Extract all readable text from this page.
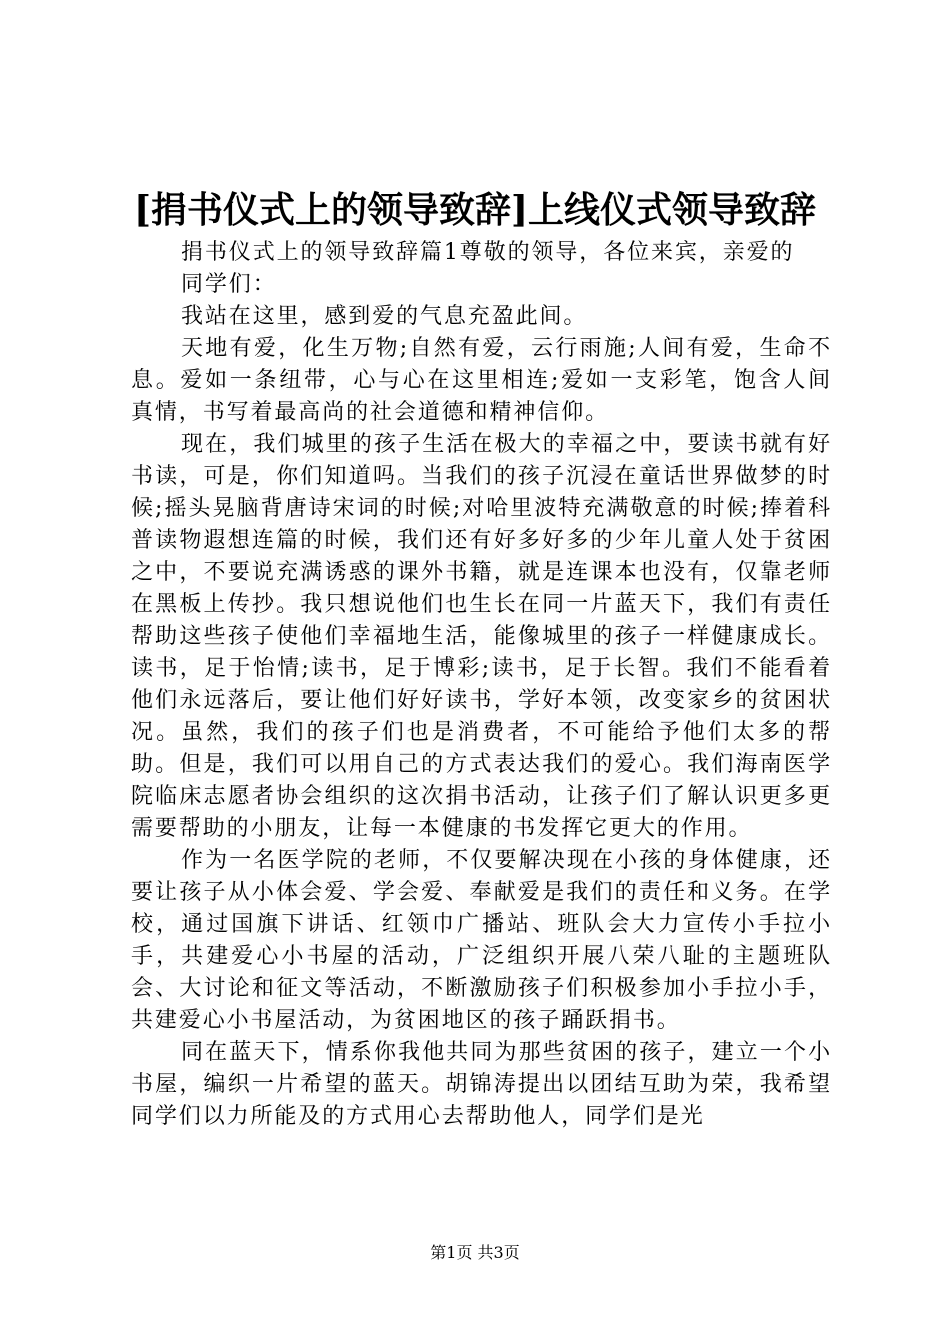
[捐书仪式上的领导致辞]上线仪式领导致辞

捐书仪式上的领导致辞篇1尊敬的领导，各位来宾，亲爱的

同学们：

我站在这里，感到爱的气息充盈此间。

天地有爱，化生万物;自然有爱，云行雨施;人间有爱，生命不息。爱如一条纽带，心与心在这里相连;爱如一支彩笔，饱含人间真情，书写着最高尚的社会道德和精神信仰。

现在，我们城里的孩子生活在极大的幸福之中，要读书就有好书读，可是，你们知道吗。当我们的孩子沉浸在童话世界做梦的时候;摇头晃脑背唐诗宋词的时候;对哈里波特充满敬意的时候;捧着科普读物遐想连篇的时候，我们还有好多好多的少年儿童人处于贫困之中，不要说充满诱惑的课外书籍，就是连课本也没有，仅靠老师在黑板上传抄。我只想说他们也生长在同一片蓝天下，我们有责任帮助这些孩子使他们幸福地生活，能像城里的孩子一样健康成长。读书，足于怡情;读书，足于博彩;读书，足于长智。我们不能看着他们永远落后，要让他们好好读书，学好本领，改变家乡的贫困状况。虽然，我们的孩子们也是消费者，不可能给予他们太多的帮助。但是，我们可以用自己的方式表达我们的爱心。我们海南医学院临床志愿者协会组织的这次捐书活动，让孩子们了解认识更多更需要帮助的小朋友，让每一本健康的书发挥它更大的作用。

作为一名医学院的老师，不仅要解决现在小孩的身体健康，还要让孩子从小体会爱、学会爱、奉献爱是我们的责任和义务。在学校，通过国旗下讲话、红领巾广播站、班队会大力宣传小手拉小手，共建爱心小书屋的活动，广泛组织开展八荣八耻的主题班队会、大讨论和征文等活动，不断激励孩子们积极参加小手拉小手，共建爱心小书屋活动，为贫困地区的孩子踊跃捐书。

同在蓝天下，情系你我他共同为那些贫困的孩子，建立一个小书屋，编织一片希望的蓝天。胡锦涛提出以团结互助为荣，我希望同学们以力所能及的方式用心去帮助他人，同学们是光

第1页 共3页
